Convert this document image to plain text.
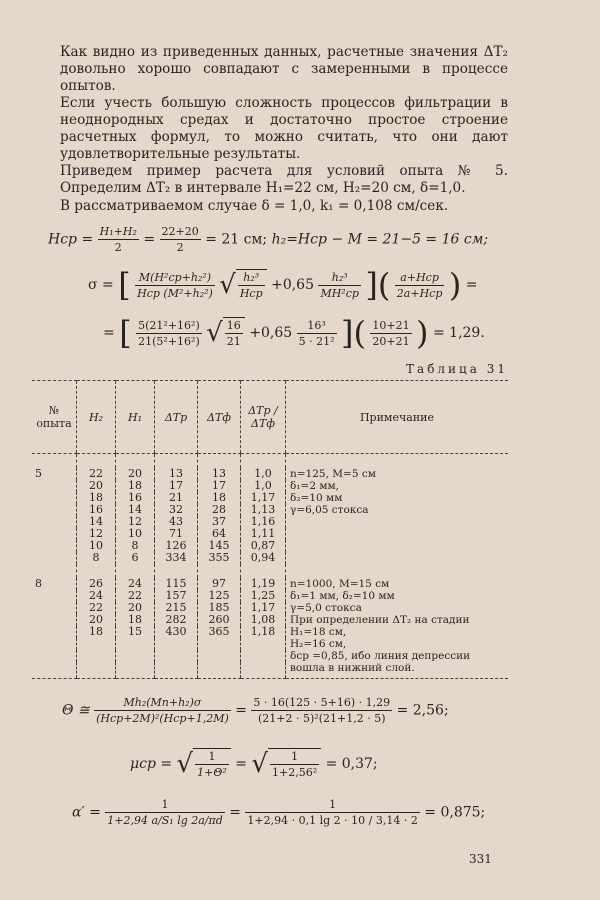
Как видно из приведенных данных, расчетные значения ΔT₂ довольно хорошо совпадают с замеренными в процессе опытов.

Если учесть большую сложность процессов фильтрации в неоднородных средах и достаточно простое строение расчетных формул, то можно считать, что они дают удовлетворительные результаты.

Приведем пример расчета для условий опыта № 5. Определим ΔT₂ в интервале H₁=22 см, H₂=20 см, δ=1,0.

В рассматриваемом случае δ = 1,0, k₁ = 0,108 см/сек.

Hср = $\frac{\text{H₁+H₂}}{2} = \frac{22+20}{2} = 21$ см; h₂=Hср − M = 21−5 = 16 см;
σ = [ $\frac{\text{M(H²ср+h₂²)}}{\text{Hср (M²+h₂²)}}$ √ $\frac{\text{h₂³}}{\text{Hср}} +0,65 \frac{\text{h₂³}}{\text{MH²ср}}$ ]( $\frac{\text{a+Hср}}{\text{2a+Hср}}$ ) =
= [ $\frac{\text{5(21²+16²)}}{\text{21(5²+16²)}}$ √ $\frac{16}{21} +0,65 \frac{\text{16³}}{\text{5 · 21²}}$ ]( $\frac{10+21}{20+21}$ ) = 1,29.
Таблица 31
№ опыта	H₂	H₁	ΔTр	ΔTф	ΔTр / ΔTф	Примечание

5	22	20	13	13	1,0	n=125, M=5 см
	20	18	17	17	1,0	δ₁=2 мм,
	18	16	21	18	1,17	δ₂=10 мм
	16	14	32	28	1,13	γ=6,05 стокса
	14	12	43	37	1,16	
	12	10	71	64	1,11	
	10	8	126	145	0,87	
	8	6	334	355	0,94	

8	26	24	115	97	1,19	n=1000, M=15 см
	24	22	157	125	1,25	δ₁=1 мм, δ₂=10 мм
	22	20	215	185	1,17	γ=5,0 стокса
	20	18	282	260	1,08	При определении ΔT₂ на стадии
	18	15	430	365	1,18	H₁=18 см,
						H₂=16 см,
						δср =0,85, ибо линия депрессии
						вошла в нижний слой.
Θ ≅ $\frac{\text{Mh₂(Mn+h₂)σ}}{\text{(Hср+2M)²(Hср+1,2M)}} = \frac{5 \cdot 16(125 \cdot 5+16) \cdot 1,29}{\text{(21+2 · 5)²(21+1,2 · 5)}} = 2,56$;
μср = √ $\frac{1}{\text{1+Θ²}}$ = √ $\frac{1}{\text{1+2,56²}} = 0,37$;
$\alpha' = \frac{1}{\text{1+2,94 a/S₁ lg 2a/πd}} = \frac{1}{1+2,94 \cdot 0,1 \lg 2 \cdot 10 / 3,14 \cdot 2} = 0,875$;
331
